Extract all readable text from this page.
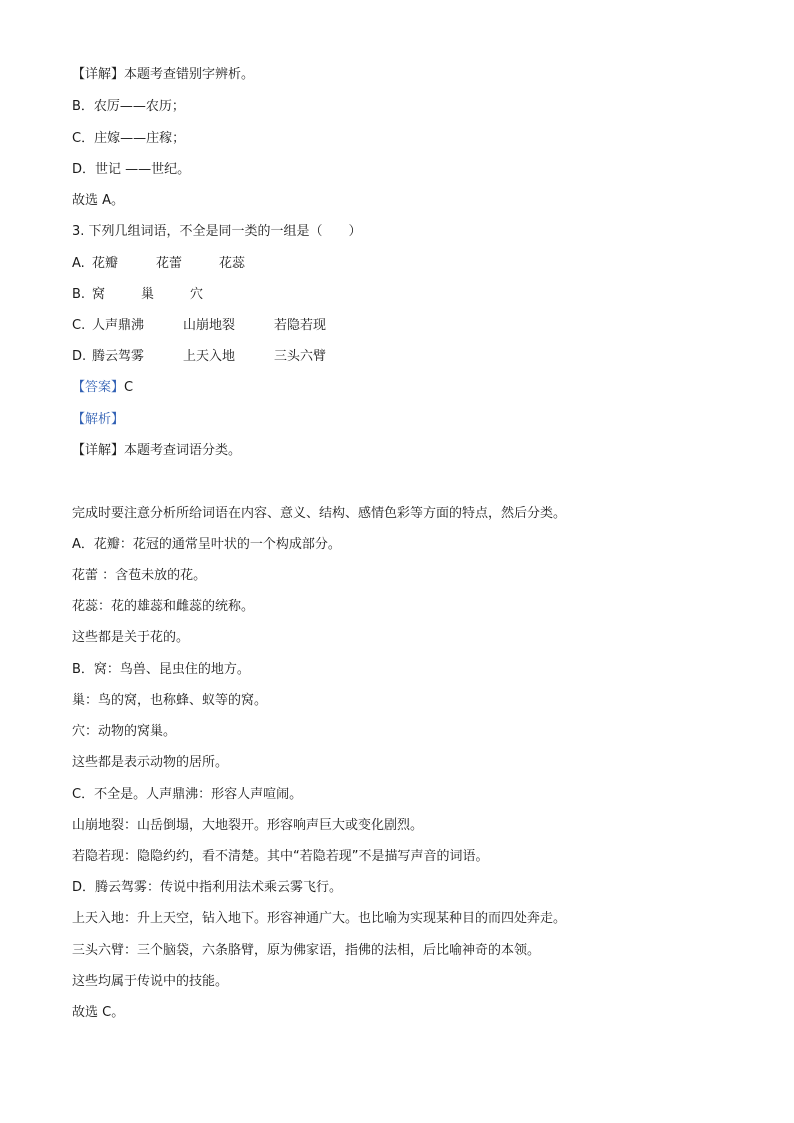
【详解】本题考查错别字辨析。
B．农厉——农历；
C．庄嫁——庄稼；
D．世记 ——世纪。
故选 A。
3. 下列几组词语，不全是同一类的一组是（　　）

A.

花瓣

	花蕾

	花蕊

B.

窝

	巢

	穴

C.

人声鼎沸

	山崩地裂

	若隐若现

D.

腾云驾雾

	上天入地

	三头六臂

【答案】C
【解析】
【详解】本题考查词语分类。
完成时要注意分析所给词语在内容、意义、结构、感情色彩等方面的特点，然后分类。
A．花瓣：花冠的通常呈叶状的一个构成部分。
花蕾 ：含苞未放的花。
花蕊：花的雄蕊和雌蕊的统称。
这些都是关于花的。
B．窝：鸟兽、昆虫住的地方。
巢：鸟的窝，也称蜂、蚁等的窝。
穴：动物的窝巢。
这些都是表示动物的居所。
C．不全是。人声鼎沸：形容人声喧闹。
山崩地裂：山岳倒塌，大地裂开。形容响声巨大或变化剧烈。
若隐若现：隐隐约约，看不清楚。其中“若隐若现”不是描写声音的词语。
D．腾云驾雾：传说中指利用法术乘云雾飞行。
上天入地：升上天空，钻入地下。形容神通广大。也比喻为实现某种目的而四处奔走。
三头六臂：三个脑袋，六条胳臂，原为佛家语，指佛的法相，后比喻神奇的本领。
这些均属于传说中的技能。
故选 C。
